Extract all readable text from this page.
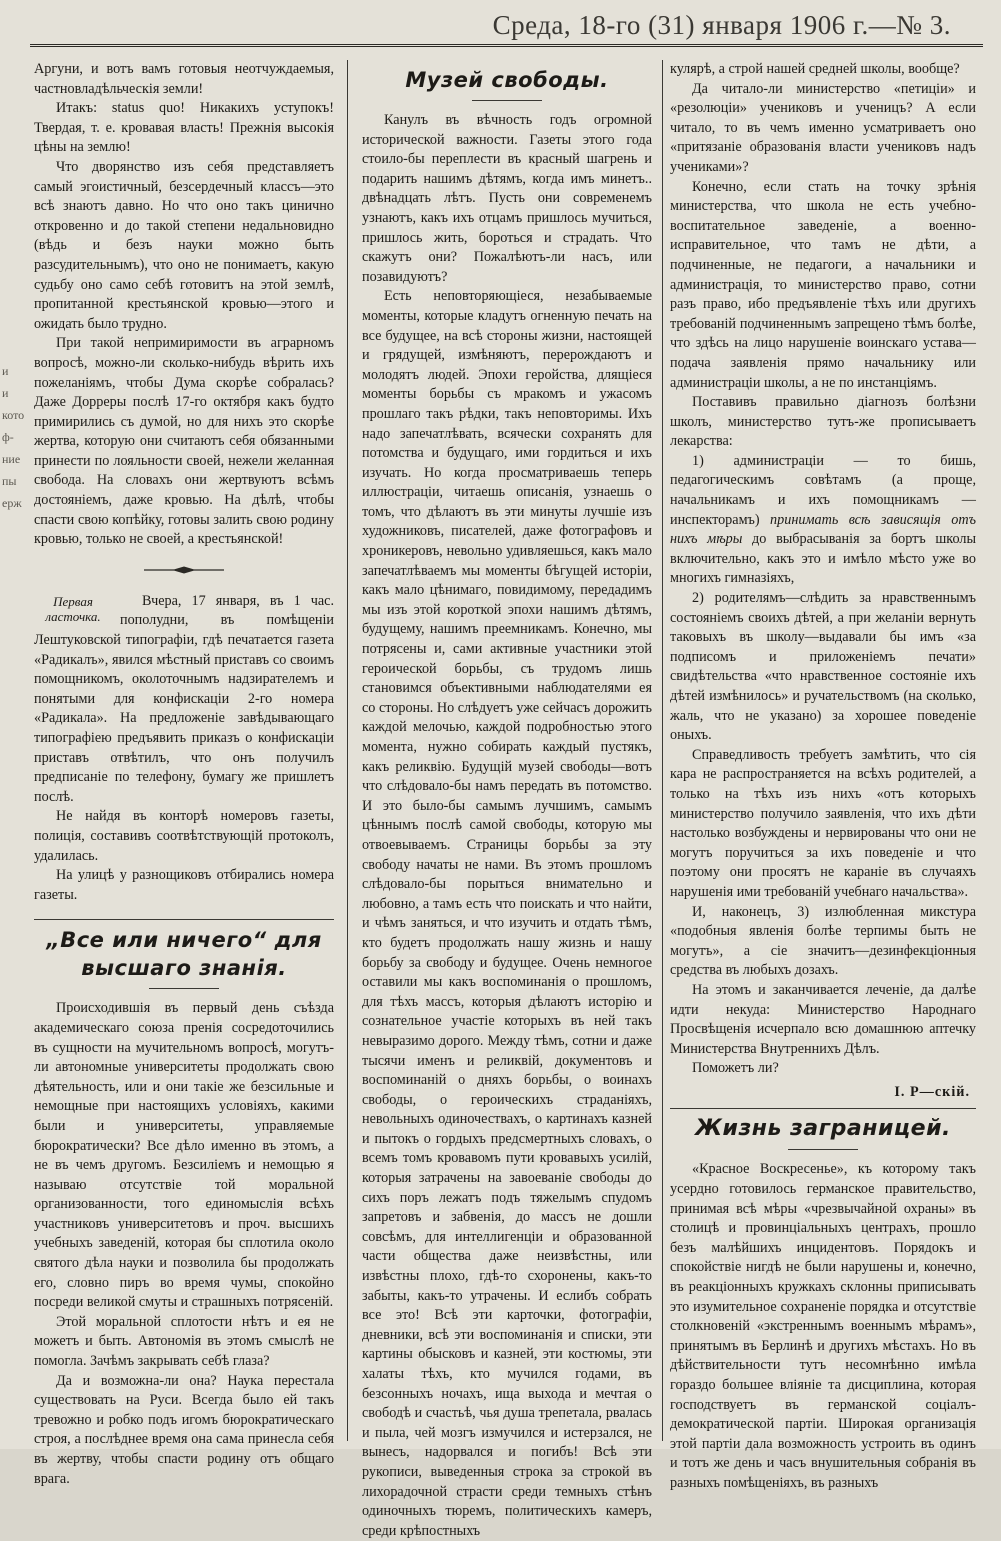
Среда, 18-го (31) января 1906 г.—№ 3.
и
и
кото
ф-
ние
пы
ерж

Аргуни, и вотъ вамъ готовыя неотчуждаемыя, частновладѣльческія земли!

Итакъ: status quo! Никакихъ уступокъ! Твердая, т. е. кровавая власть! Прежнія высокія цѣны на землю!

Что дворянство изъ себя представляетъ самый эгоистичный, безсердечный классъ—это всѣ знаютъ давно. Но что оно такъ цинично откровенно и до такой степени недальновидно (вѣдь и безъ науки можно быть разсудительнымъ), что оно не понимаетъ, какую судьбу оно само себѣ готовитъ на этой землѣ, пропитанной крестьянской кровью—этого и ожидать было трудно.

При такой непримиримости въ аграрномъ вопросѣ, можно-ли сколько-нибудь вѣрить ихъ пожеланіямъ, чтобы Дума скорѣе собралась? Даже Дорреры послѣ 17-го октября какъ будто примирились съ думой, но для нихъ это скорѣе жертва, которую они считаютъ себя обязанными принести по лояльности своей, нежели желанная свобода. На словахъ они жертвуютъ всѣмъ достояніемъ, даже кровью. На дѣлѣ, чтобы спасти свою копѣйку, готовы залить свою родину кровью, только не своей, а крестьянской!

Первая ласточка.

Вчера, 17 января, въ 1 час. пополудни, въ помѣщеніи Лештуковской типографіи, гдѣ печатается газета «Радикалъ», явился мѣстный приставъ со своимъ помощникомъ, околоточнымъ надзирателемъ и понятыми для конфискаціи 2-го номера «Радикала». На предложеніе завѣдывающаго типографіею предъявить приказъ о конфискаціи приставъ отвѣтилъ, что онъ получилъ предписаніе по телефону, бумагу же пришлетъ послѣ.

Не найдя въ конторѣ номеровъ газеты, полиція, составивъ соотвѣтствующій протоколъ, удалилась.

На улицѣ у разнощиковъ отбирались номера газеты.

„Все или ничего“ для высшаго знанія.

Происходившія въ первый день съѣзда академическаго союза пренія сосредоточились въ сущности на мучительномъ вопросѣ, могутъ-ли автономные университеты продолжать свою дѣятельность, или и они такіе же безсильные и немощные при настоящихъ условіяхъ, какими были и университеты, управляемые бюрократически? Все дѣло именно въ этомъ, а не въ чемъ другомъ. Безсиліемъ и немощью я называю отсутствіе той моральной организованности, того единомыслія всѣхъ участниковъ университетовъ и проч. высшихъ учебныхъ заведеній, которая бы сплотила около святого дѣла науки и позволила бы продолжать его, словно пиръ во время чумы, спокойно посреди великой смуты и страшныхъ потрясеній.

Этой моральной сплотости нѣтъ и ея не можетъ и быть. Автономія въ этомъ смыслѣ не помогла. Зачѣмъ закрывать себѣ глаза?

Да и возможна-ли она? Наука перестала существовать на Руси. Всегда было ей такъ тревожно и робко подъ игомъ бюрократическаго строя, а послѣднее время она сама принесла себя въ жертву, чтобы спасти родину отъ общаго врага.

Музей свободы.

Канулъ въ вѣчность годъ огромной исторической важности. Газеты этого года стоило-бы переплести въ красный шагрень и подарить нашимъ дѣтямъ, когда имъ минетъ.. двѣнадцать лѣтъ. Пусть они современемъ узнаютъ, какъ ихъ отцамъ пришлось мучиться, пришлось жить, бороться и страдать. Что скажутъ они? Пожалѣютъ-ли насъ, или позавидуютъ?

Есть неповторяющіеся, незабываемые моменты, которые кладутъ огненную печать на все будущее, на всѣ стороны жизни, настоящей и грядущей, измѣняютъ, перерождаютъ и молодятъ людей. Эпохи геройства, длящіеся моменты борьбы съ мракомъ и ужасомъ прошлаго такъ рѣдки, такъ неповторимы. Ихъ надо запечатлѣвать, всячески сохранять для потомства и будущаго, ими гордиться и ихъ изучать. Но когда просматриваешь теперь иллюстраціи, читаешь описанія, узнаешь о томъ, что дѣлаютъ въ эти минуты лучшіе изъ художниковъ, писателей, даже фотографовъ и хроникеровъ, невольно удивляешься, какъ мало запечатлѣваемъ мы моменты бѣгущей исторіи, какъ мало цѣнимаго, повидимому, передадимъ мы изъ этой короткой эпохи нашимъ дѣтямъ, будущему, нашимъ преемникамъ. Конечно, мы потрясены и, сами активные участники этой героической борьбы, съ трудомъ лишь становимся объективными наблюдателями ея со стороны. Но слѣдуетъ уже сейчасъ дорожить каждой мелочью, каждой подробностью этого момента, нужно собирать каждый пустякъ, какъ реликвію. Будущій музей свободы—вотъ что слѣдовало-бы намъ передать въ потомство. И это было-бы самымъ лучшимъ, самымъ цѣннымъ послѣ самой свободы, которую мы отвоевываемъ. Страницы борьбы за эту свободу начаты не нами. Въ этомъ прошломъ слѣдовало-бы порыться внимательно и любовно, а тамъ есть что поискать и что найти, и чѣмъ заняться, и что изучить и отдать тѣмъ, кто будетъ продолжать нашу жизнь и нашу борьбу за свободу и будущее. Очень немногое оставили мы какъ воспоминанія о прошломъ, для тѣхъ массъ, которыя дѣлаютъ исторію и сознательное участіе которыхъ въ ней такъ невыразимо дорого. Между тѣмъ, сотни и даже тысячи именъ и реликвій, документовъ и воспоминаній о дняхъ борьбы, о воинахъ свободы, о героическихъ страданіяхъ, невольныхъ одиночествахъ, о картинахъ казней и пытокъ о гордыхъ предсмертныхъ словахъ, о всемъ томъ кровавомъ пути кровавыхъ усилій, которыя затрачены на завоеваніе свободы до сихъ поръ лежатъ подъ тяжелымъ спудомъ запретовъ и забвенія, до массъ не дошли совсѣмъ, для интеллигенціи и образованной части общества даже неизвѣстны, или извѣстны плохо, гдѣ-то схоронены, какъ-то забыты, какъ-то утрачены. И еслибъ собрать все это! Всѣ эти карточки, фотографіи, дневники, всѣ эти воспоминанія и списки, эти картины обысковъ и казней, эти костюмы, эти халаты тѣхъ, кто мучился годами, въ безсонныхъ ночахъ, ища выхода и мечтая о свободѣ и счастьѣ, чья душа трепетала, рвалась и пыла, чей мозгъ измучился и истерзался, не вынесъ, надорвался и погибъ! Всѣ эти рукописи, выведенныя строка за строкой въ лихорадочной страсти среди темныхъ стѣнъ одиночныхъ тюремъ, политическихъ камеръ, среди крѣпостныхъ

кулярѣ, а строй нашей средней школы, вообще?

Да читало-ли министерство «петиціи» и «резолюціи» учениковъ и ученицъ? А если читало, то въ чемъ именно усматриваетъ оно «притязаніе образованія власти учениковъ надъ учениками»?

Конечно, если стать на точку зрѣнія министерства, что школа не есть учебно-воспитательное заведеніе, а военно-исправительное, что тамъ не дѣти, а подчиненные, не педагоги, а начальники и администрація, то министерство право, сотни разъ право, ибо предъявленіе тѣхъ или другихъ требованій подчиненнымъ запрещено тѣмъ болѣе, что здѣсь на лицо нарушеніе воинскаго устава—подача заявленія прямо начальнику или администраціи школы, а не по инстанціямъ.

Поставивъ правильно діагнозъ болѣзни школъ, министерство тутъ-же прописываетъ лекарства:

1) администраціи — то бишь, педагогическимъ совѣтамъ (а проще, начальникамъ и ихъ помощникамъ — инспекторамъ) принимать всѣ зависящія отъ нихъ мѣры до выбрасыванія за бортъ школы включительно, какъ это и имѣло мѣсто уже во многихъ гимназіяхъ,

2) родителямъ—слѣдить за нравственнымъ состояніемъ своихъ дѣтей, а при желаніи вернуть таковыхъ въ школу—выдавали бы имъ «за подписомъ и приложеніемъ печати» свидѣтельства «что нравственное состояніе ихъ дѣтей измѣнилось» и ручательствомъ (на сколько, жаль, что не указано) за хорошее поведеніе оныхъ.

Справедливость требуетъ замѣтить, что сія кара не распространяется на всѣхъ родителей, а только на тѣхъ изъ нихъ «отъ которыхъ министерство получило заявленія, что ихъ дѣти настолько возбуждены и нервированы что они не могутъ поручиться за ихъ поведеніе и что поэтому они просятъ не караніе въ случаяхъ нарушенія ими требованій учебнаго начальства».

И, наконецъ, 3) излюбленная микстура «подобныя явленія болѣе терпимы быть не могутъ», а сіе значитъ—дезинфекціонныя средства въ любыхъ дозахъ.

На этомъ и заканчивается леченіе, да далѣе идти некуда: Министерство Народнаго Просвѣщенія исчерпало всю домашнюю аптечку Министерства Внутреннихъ Дѣлъ.

Поможетъ ли?

І. Р—скій.
Жизнь заграницей.

«Красное Воскресенье», къ которому такъ усердно готовилось германское правительство, принимая всѣ мѣры «чрезвычайной охраны» въ столицѣ и провинціальныхъ центрахъ, прошло безъ малѣйшихъ инцидентовъ. Порядокъ и спокойствіе нигдѣ не были нарушены и, конечно, въ реакціонныхъ кружкахъ склонны приписывать это изумительное сохраненіе порядка и отсутствіе столкновеній «экстреннымъ военнымъ мѣрамъ», принятымъ въ Берлинѣ и другихъ мѣстахъ. Но въ дѣйствительности тутъ несомнѣнно имѣла гораздо большее вліяніе та дисциплина, которая господствуетъ въ германской соціалъ-демократической партіи. Широкая организація этой партіи дала возможность устроить въ одинъ и тотъ же день и часъ внушительныя собранія въ разныхъ помѣщеніяхъ, въ разныхъ
